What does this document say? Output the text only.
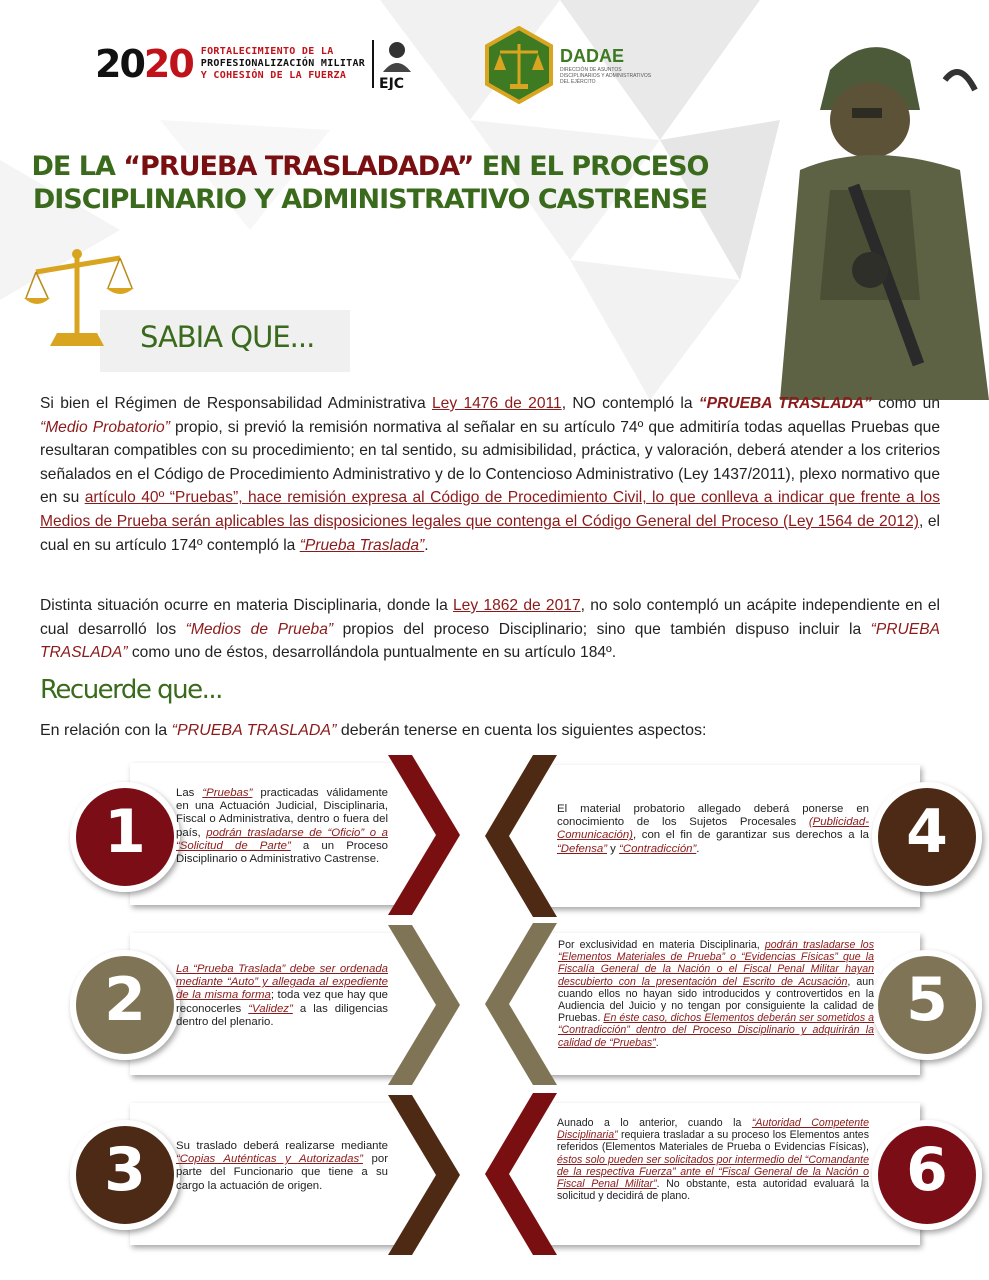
2020 FORTALECIMIENTO DE LA
PROFESIONALIZACIÓN MILITAR
Y COHESIÓN DE LA FUERZA
EJC
DADAE
DIRECCIÓN DE ASUNTOS DISCIPLINARIOS Y ADMINISTRATIVOS DEL EJÉRCITO
DE LA “PRUEBA TRASLADADA” EN EL PROCESO
DISCIPLINARIO Y ADMINISTRATIVO CASTRENSE
SABIA QUE...

Si bien el Régimen de Responsabilidad Administrativa Ley 1476 de 2011, NO contempló la “PRUEBA TRASLADA” como un “Medio Probatorio” propio, si previó la remisión normativa al señalar en su artículo 74º que admitiría todas aquellas Pruebas que resultaran compatibles con su procedimiento; en tal sentido, su admisibilidad, práctica, y valoración, deberá atender a los criterios señalados en el Código de Procedimiento Administrativo y de lo Contencioso Administrativo (Ley 1437/2011), plexo normativo que en su artículo 40º “Pruebas”, hace remisión expresa al Código de Procedimiento Civil, lo que conlleva a indicar que frente a los Medios de Prueba serán aplicables las disposiciones legales que contenga el Código General del Proceso (Ley 1564 de 2012), el cual en su artículo 174º contempló la “Prueba Traslada”.

Distinta situación ocurre en materia Disciplinaria, donde la Ley 1862 de 2017, no solo contempló un acápite independiente en el cual desarrolló los “Medios de Prueba” propios del proceso Disciplinario; sino que también dispuso incluir la “PRUEBA TRASLADA” como uno de éstos, desarrollándola puntualmente en su artículo 184º.

Recuerde que...
En relación con la “PRUEBA TRASLADA” deberán tenerse en cuenta los siguientes aspectos:
1
2
3
4
5
6
Las “Pruebas” practicadas válidamente en una Actuación Judicial, Disciplinaria, Fiscal o Administrativa, dentro o fuera del país, podrán trasladarse de “Oficio” o a “Solicitud de Parte” a un Proceso Disciplinario o Administrativo Castrense.
La “Prueba Traslada” debe ser ordenada mediante “Auto” y allegada al expediente de la misma forma; toda vez que hay que reconocerles “Validez” a las diligencias dentro del plenario.
Su traslado deberá realizarse mediante “Copias Auténticas y Autorizadas” por parte del Funcionario que tiene a su cargo la actuación de origen.
El material probatorio allegado deberá ponerse en conocimiento de los Sujetos Procesales (Publicidad-Comunicación), con el fin de garantizar sus derechos a la “Defensa” y “Contradicción”.
Por exclusividad en materia Disciplinaria, podrán trasladarse los “Elementos Materiales de Prueba” o “Evidencias Físicas” que la Fiscalía General de la Nación o el Fiscal Penal Militar hayan descubierto con la presentación del Escrito de Acusación, aun cuando ellos no hayan sido introducidos y controvertidos en la Audiencia del Juicio y no tengan por consiguiente la calidad de Pruebas. En éste caso, dichos Elementos deberán ser sometidos a “Contradicción” dentro del Proceso Disciplinario y adquirirán la calidad de “Pruebas”.
Aunado a lo anterior, cuando la “Autoridad Competente Disciplinaria” requiera trasladar a su proceso los Elementos antes referidos (Elementos Materiales de Prueba o Evidencias Físicas), éstos solo pueden ser solicitados por intermedio del “Comandante de la respectiva Fuerza” ante el “Fiscal General de la Nación o Fiscal Penal Militar”. No obstante, esta autoridad evaluará la solicitud y decidirá de plano.
